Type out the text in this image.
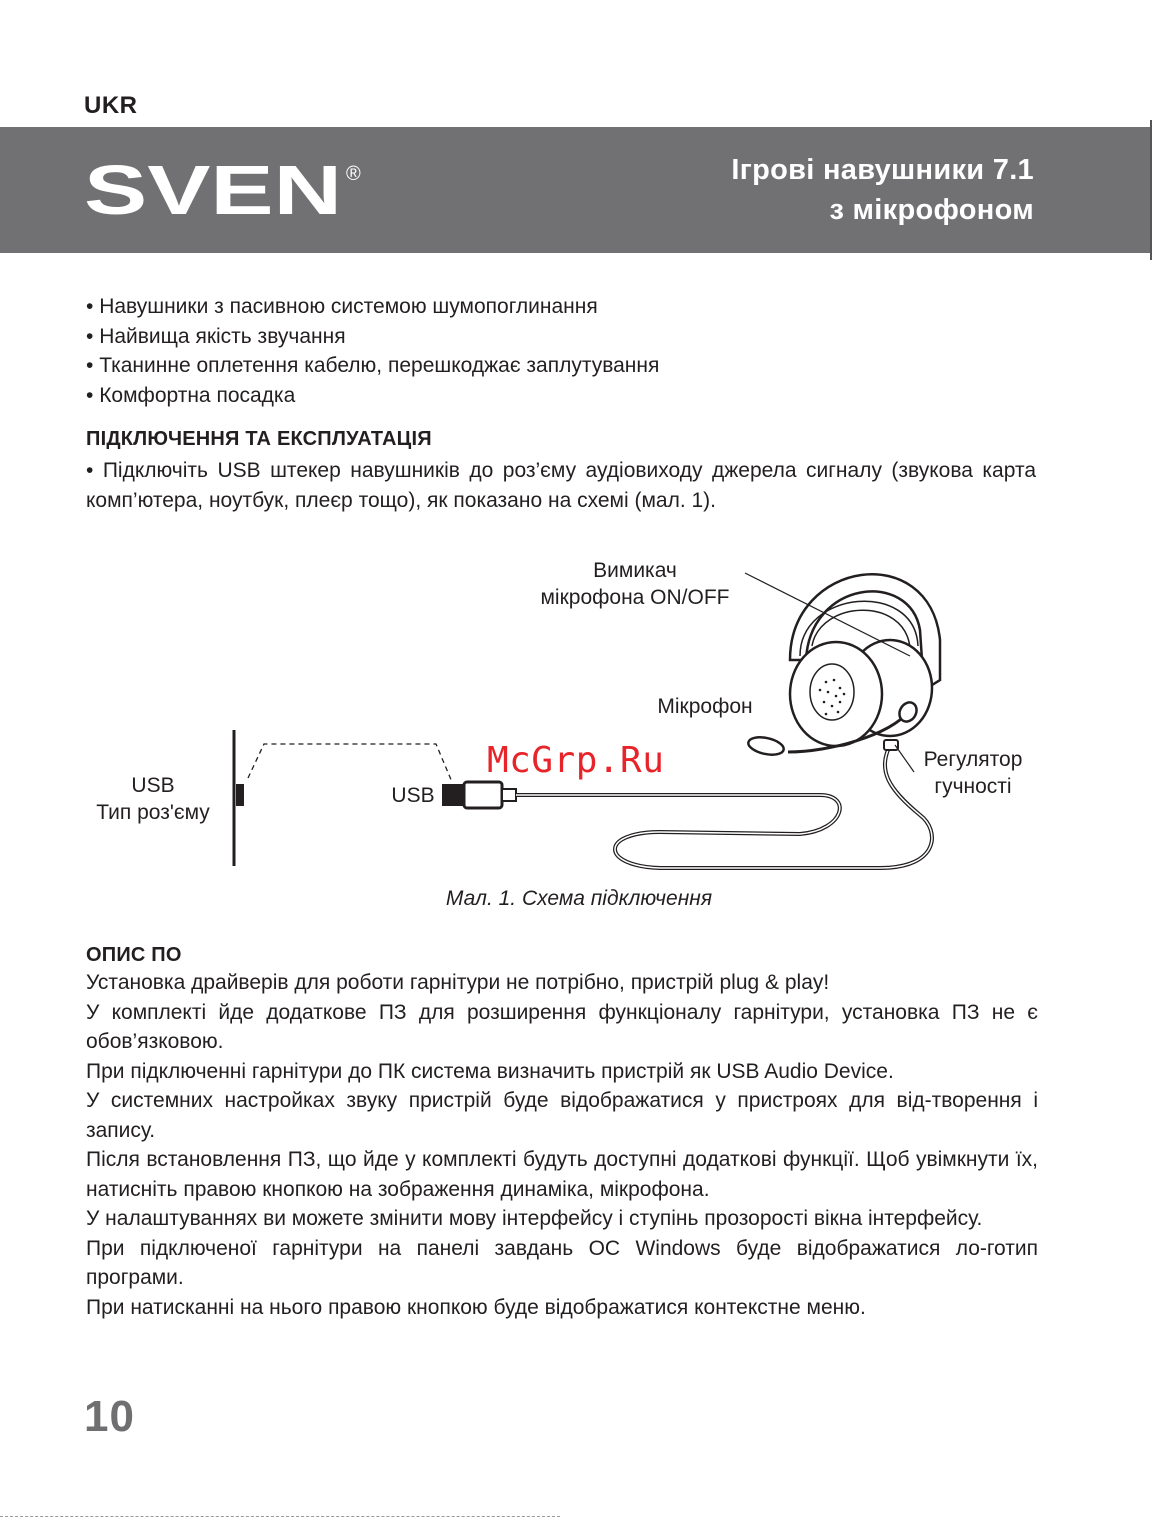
UKR
SVEN ®	Ігрові навушники 7.1
з мікрофоном
• Навушники з пасивною системою шумопоглинання
• Найвища якість звучання
• Тканинне оплетення кабелю, перешкоджає заплутування
• Комфортна посадка
ПІДКЛЮЧЕННЯ ТА ЕКСПЛУАТАЦІЯ
• Підключіть USB штекер навушників до роз’єму аудіовиходу джерела сигналу (звукова карта комп’ютера, ноутбук, плеєр тощо), як показано на схемі (мал. 1).
Вимикач
мікрофона ON/OFF
Мікрофон
Регулятор
гучності
USB
Тип роз'єму
USB
McGrp.Ru
Мал. 1. Схема підключення
ОПИС ПО

Установка драйверів для роботи гарнітури не потрібно, пристрій plug & play!

У комплекті йде додаткове ПЗ для розширення функціоналу гарнітури, установка ПЗ не є обов’язковою.

При підключенні гарнітури до ПК система визначить пристрій як USB Audio Device.

У системних настройках звуку пристрій буде відображатися у пристроях для від-творення і запису.

Після встановлення ПЗ, що йде у комплекті будуть доступні додаткові функції. Щоб увімкнути їх, натисніть правою кнопкою на зображення динаміка, мікрофона.

У налаштуваннях ви можете змінити мову інтерфейсу і ступінь прозорості вікна інтерфейсу.

При підключеної гарнітури на панелі завдань ОС Windows буде відображатися ло-готип програми.

При натисканні на нього правою кнопкою буде відображатися контекстне меню.

10
